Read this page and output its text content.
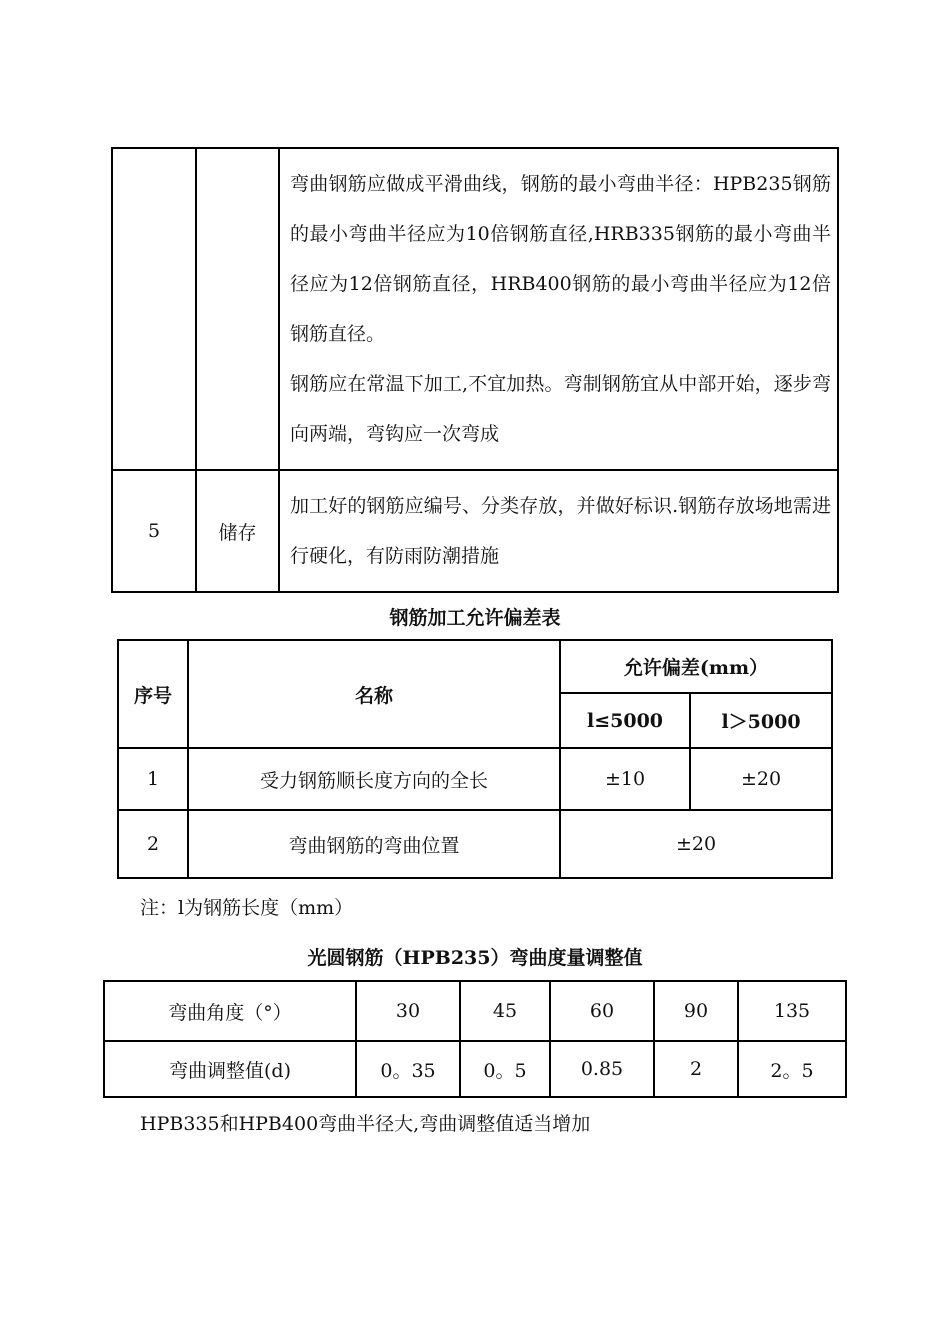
		弯曲钢筋应做成平滑曲线，钢筋的最小弯曲半径：HPB235钢筋的最小弯曲半径应为10倍钢筋直径,HRB335钢筋的最小弯曲半径应为12倍钢筋直径，HRB400钢筋的最小弯曲半径应为12倍钢筋直径。

钢筋应在常温下加工,不宜加热。弯制钢筋宜从中部开始，逐步弯向两端，弯钩应一次弯成

5	储存	加工好的钢筋应编号、分类存放，并做好标识.钢筋存放场地需进行硬化，有防雨防潮措施

钢筋加工允许偏差表
序号	名称	允许偏差(mm）	
		l≤5000	l＞5000
1	受力钢筋顺长度方向的全长	±10	±20
2	弯曲钢筋的弯曲位置	±20	
注：l为钢筋长度（mm）
光圆钢筋（HPB235）弯曲度量调整值
弯曲角度（°）	30	45	60	90	135
弯曲调整值(d)	0。35	0。5	0.85	2	2。5
HPB335和HPB400弯曲半径大,弯曲调整值适当增加
